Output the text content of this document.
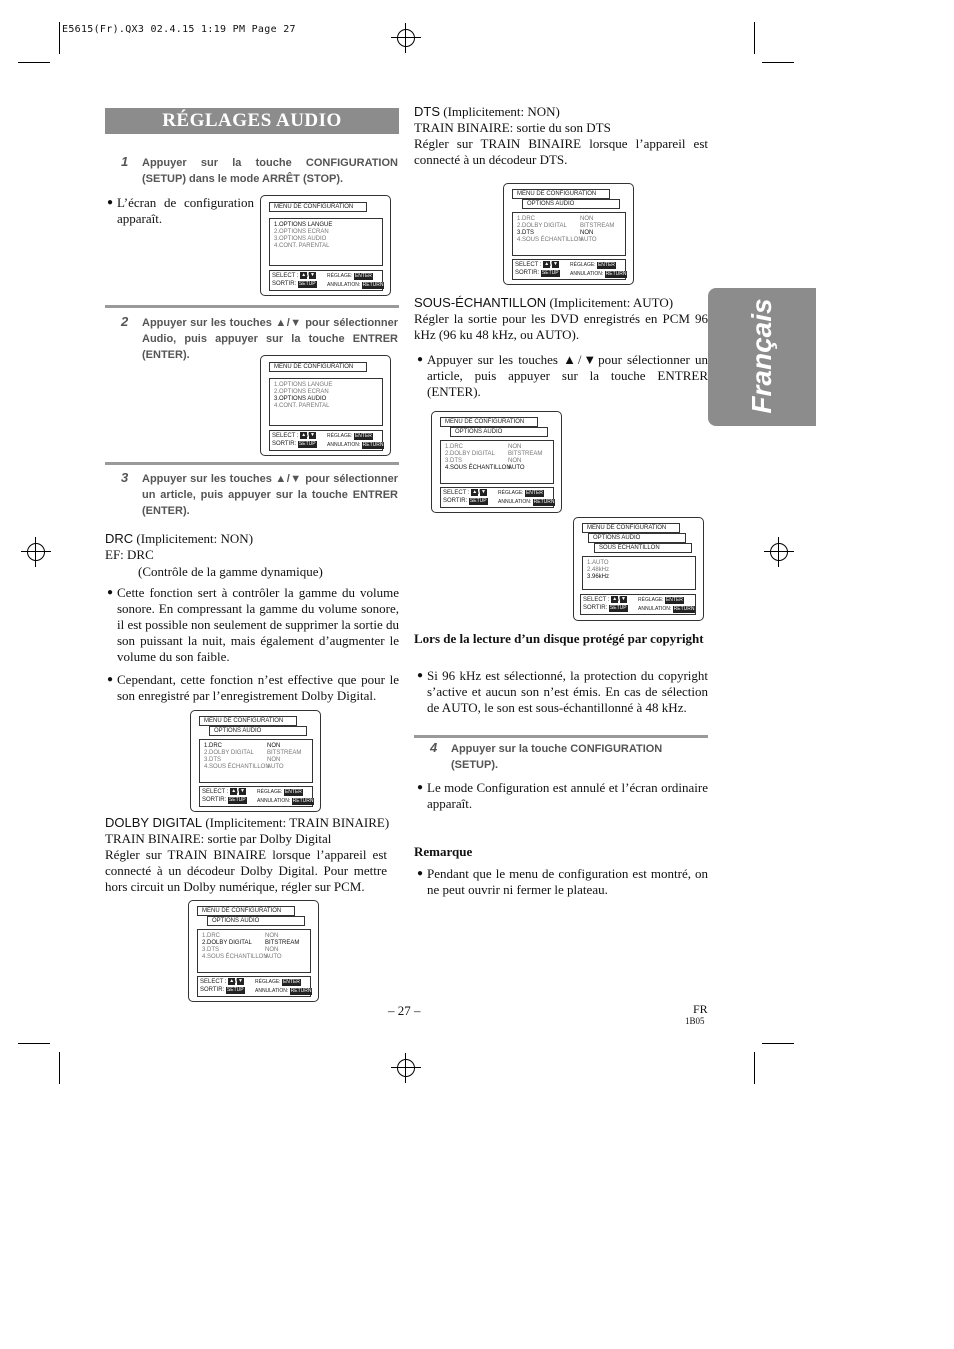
E5615(Fr).QX3 02.4.15 1:19 PM Page 27
RÉGLAGES AUDIO
Français
1 Appuyer sur la touche CONFIGURATION (SETUP) dans le mode ARRÊT (STOP).
● L’écran de configuration apparaît.
MENU DE CONFIGURATION
1.OPTIONS LANGUE
2.OPTIONS ECRAN
3.OPTIONS AUDIO
4.CONT. PARENTAL
SELECT : ▲ ▼ RÉGLAGE: ENTER
SORTIR: SETUP ANNULATION: RETURN
2 Appuyer sur les touches ▲/▼ pour sélectionner Audio, puis appuyer sur la touche ENTRER (ENTER).
MENU DE CONFIGURATION
1.OPTIONS LANGUE
2.OPTIONS ECRAN
3.OPTIONS AUDIO
4.CONT. PARENTAL
SELECT : ▲ ▼ RÉGLAGE: ENTER
SORTIR: SETUP ANNULATION: RETURN
3 Appuyer sur les touches ▲/▼ pour sélectionner un article, puis appuyer sur la touche ENTRER (ENTER).
DRC (Implicitement: NON)
EF: DRC
(Contrôle de la gamme dynamique)
● Cette fonction sert à contrôler la gamme du volume sonore. En compressant la gamme du volume sonore, il est possible non seulement de supprimer la sortie du son puissant la nuit, mais également d’augmenter le volume du son faible.
● Cependant, cette fonction n’est effective que pour le son enregistré par l’enregistrement Dolby Digital.
MENU DE CONFIGURATION
OPTIONS AUDIO
1.DRC	NON
2.DOLBY DIGITAL BITSTREAM
3.DTS	NON
4.SOUS ÉCHANTILLON
AUTO
SELECT : ▲ ▼ RÉGLAGE: ENTER
SORTIR: SETUP ANNULATION: RETURN
DOLBY DIGITAL (Implicitement: TRAIN BINAIRE)
TRAIN BINAIRE: sortie par Dolby Digital
Régler sur TRAIN BINAIRE lorsque l’appareil est connecté à un décodeur Dolby Digital. Pour mettre hors circuit un Dolby numérique, régler sur PCM.
MENU DE CONFIGURATION
OPTIONS AUDIO
1.DRC	NON
2.DOLBY DIGITAL BITSTREAM
3.DTS	NON
4.SOUS ÉCHANTILLON
AUTO
SELECT : ▲ ▼ RÉGLAGE: ENTER
SORTIR: SETUP ANNULATION: RETURN
DTS (Implicitement: NON)
TRAIN BINAIRE: sortie du son DTS
Régler sur TRAIN BINAIRE lorsque l’appareil est connecté à un décodeur DTS.
MENU DE CONFIGURATION
OPTIONS AUDIO
1.DRC	NON
2.DOLBY DIGITAL BITSTREAM
3.DTS	NON
4.SOUS ÉCHANTILLON
AUTO
SELECT : ▲ ▼ RÉGLAGE: ENTER
SORTIR: SETUP ANNULATION: RETURN
SOUS-ÉCHANTILLON (Implicitement: AUTO)
Régler la sortie pour les DVD enregistrés en PCM 96 kHz (96 ku 48 kHz, ou AUTO).
● Appuyer sur les touches ▲/▼pour sélectionner un article, puis appuyer sur la touche ENTRER (ENTER).
MENU DE CONFIGURATION
OPTIONS AUDIO
1.DRC	NON
2.DOLBY DIGITAL BITSTREAM
3.DTS	NON
4.SOUS ÉCHANTILLON
AUTO
SELECT : ▲ ▼ RÉGLAGE: ENTER
SORTIR: SETUP ANNULATION: RETURN
MENU DE CONFIGURATION
OPTIONS AUDIO
SOUS ÉCHANTILLON
1.AUTO
2.48kHz
3.96kHz
SELECT : ▲ ▼ RÉGLAGE: ENTER
SORTIR: SETUP ANNULATION: RETURN
Lors de la lecture d’un disque protégé par copyright
● Si 96 kHz est sélectionné, la protection du copyright s’active et aucun son n’est émis. En cas de sélection de AUTO, le son est sous-échantillonné à 48 kHz.
4 Appuyer sur la touche CONFIGURATION (SETUP).
● Le mode Configuration est annulé et l’écran ordinaire apparaît.
Remarque
● Pendant que le menu de configuration est montré, on ne peut ouvrir ni fermer le plateau.
– 27 –	FR
1B05
